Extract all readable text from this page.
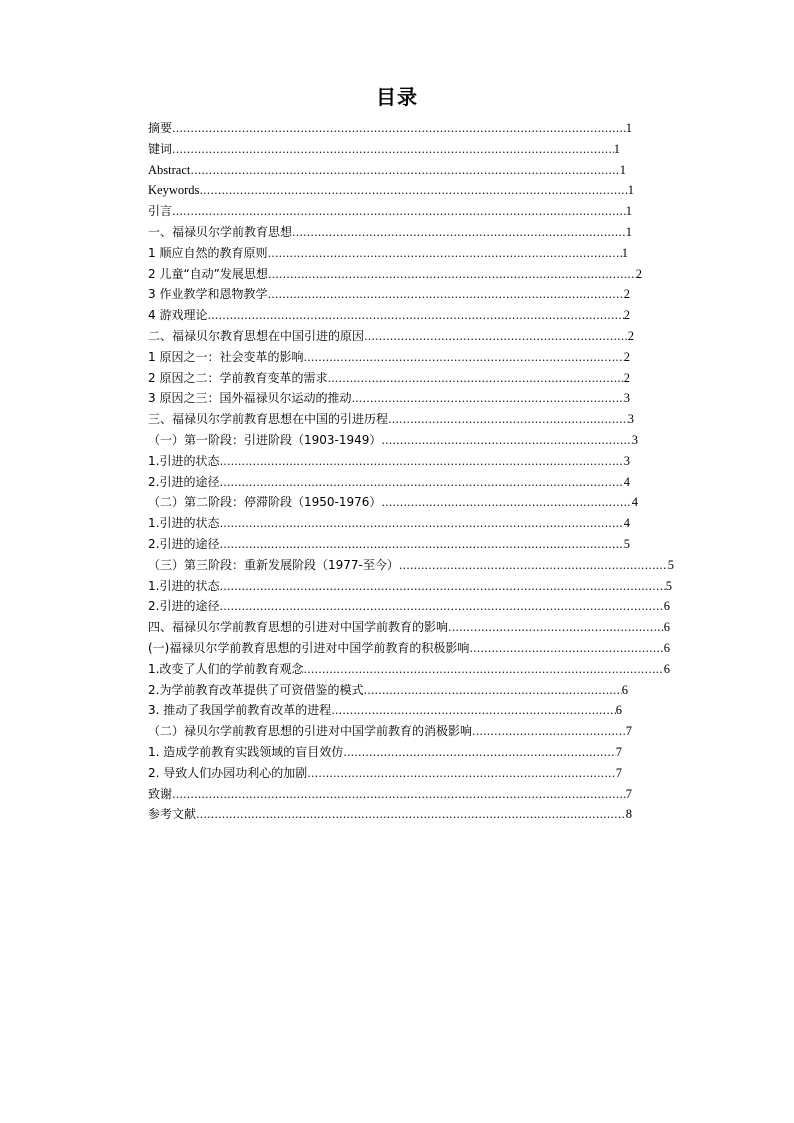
目录
摘要 ………………………………………………………………………………………………………………………………………………………………………………………………	1
键词 ………………………………………………………………………………………………………………………………………………………………………………………………	1
Abstract ………………………………………………………………………………………………………………………………………………………………………………………………	1
Keywords ………………………………………………………………………………………………………………………………………………………………………………………………	1
引言 ………………………………………………………………………………………………………………………………………………………………………………………………	1
一、福禄贝尔学前教育思想 ………………………………………………………………………………………………………………………………………………………………………………………………	1
1 顺应自然的教育原则 ………………………………………………………………………………………………………………………………………………………………………………………………	1
2 儿童“自动”发展思想 ………………………………………………………………………………………………………………………………………………………………………………………………	2
3 作业教学和恩物教学 ………………………………………………………………………………………………………………………………………………………………………………………………	2
4 游戏理论 ………………………………………………………………………………………………………………………………………………………………………………………………	2
二、福禄贝尔教育思想在中国引进的原因 ………………………………………………………………………………………………………………………………………………………………………………………………	2
1 原因之一：社会变革的影响 ………………………………………………………………………………………………………………………………………………………………………………………………	2
2 原因之二：学前教育变革的需求 ………………………………………………………………………………………………………………………………………………………………………………………………	2
3 原因之三：国外福禄贝尔运动的推动 ………………………………………………………………………………………………………………………………………………………………………………………………	3
三、福禄贝尔学前教育思想在中国的引进历程 ………………………………………………………………………………………………………………………………………………………………………………………………	3
（一）第一阶段：引进阶段（1903-1949） ………………………………………………………………………………………………………………………………………………………………………………………………	3
1.引进的状态 ………………………………………………………………………………………………………………………………………………………………………………………………	3
2.引进的途径 ………………………………………………………………………………………………………………………………………………………………………………………………	4
（二）第二阶段：停滞阶段（1950-1976） ………………………………………………………………………………………………………………………………………………………………………………………………	4
1.引进的状态 ………………………………………………………………………………………………………………………………………………………………………………………………	4
2.引进的途径 ………………………………………………………………………………………………………………………………………………………………………………………………	5
（三）第三阶段：重新发展阶段（1977-至今） ………………………………………………………………………………………………………………………………………………………………………………………………	5
1.引进的状态 ………………………………………………………………………………………………………………………………………………………………………………………………	5
2.引进的途径 ………………………………………………………………………………………………………………………………………………………………………………………………	6
四、福禄贝尔学前教育思想的引进对中国学前教育的影响 ………………………………………………………………………………………………………………………………………………………………………………………………	6
(一)福禄贝尔学前教育思想的引进对中国学前教育的积极影响 ………………………………………………………………………………………………………………………………………………………………………………………………	6
1.改变了人们的学前教育观念 ………………………………………………………………………………………………………………………………………………………………………………………………	6
2.为学前教育改革提供了可资借鉴的模式 ………………………………………………………………………………………………………………………………………………………………………………………………	6
3. 推动了我国学前教育改革的进程 ………………………………………………………………………………………………………………………………………………………………………………………………	6
（二）禄贝尔学前教育思想的引进对中国学前教育的消极影响 ………………………………………………………………………………………………………………………………………………………………………………………………	7
1. 造成学前教育实践领域的盲目效仿 ………………………………………………………………………………………………………………………………………………………………………………………………	7
2. 导致人们办园功利心的加剧 ………………………………………………………………………………………………………………………………………………………………………………………………	7
致谢 ………………………………………………………………………………………………………………………………………………………………………………………………	7
参考文献 ………………………………………………………………………………………………………………………………………………………………………………………………	8
